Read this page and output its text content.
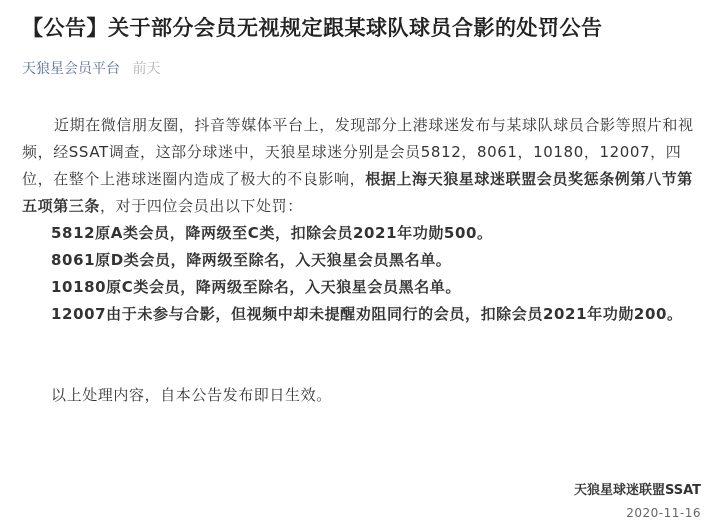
【公告】关于部分会员无视规定跟某球队球员合影的处罚公告
天狼星会员平台 前天

近期在微信朋友圈，抖音等媒体平台上，发现部分上港球迷发布与某球队球员合影等照片和视频，经SSAT调查，这部分球迷中，天狼星球迷分别是会员5812，8061，10180，12007，四位，在整个上港球迷圈内造成了极大的不良影响，根据上海天狼星球迷联盟会员奖惩条例第八节第五项第三条，对于四位会员出以下处罚：

5812原A类会员，降两级至C类，扣除会员2021年功勋500。

8061原D类会员，降两级至除名，入天狼星会员黑名单。

10180原C类会员，降两级至除名，入天狼星会员黑名单。

12007由于未参与合影，但视频中却未提醒劝阻同行的会员，扣除会员2021年功勋200。

以上处理内容，自本公告发布即日生效。

天狼星球迷联盟SSAT
2020-11-16
